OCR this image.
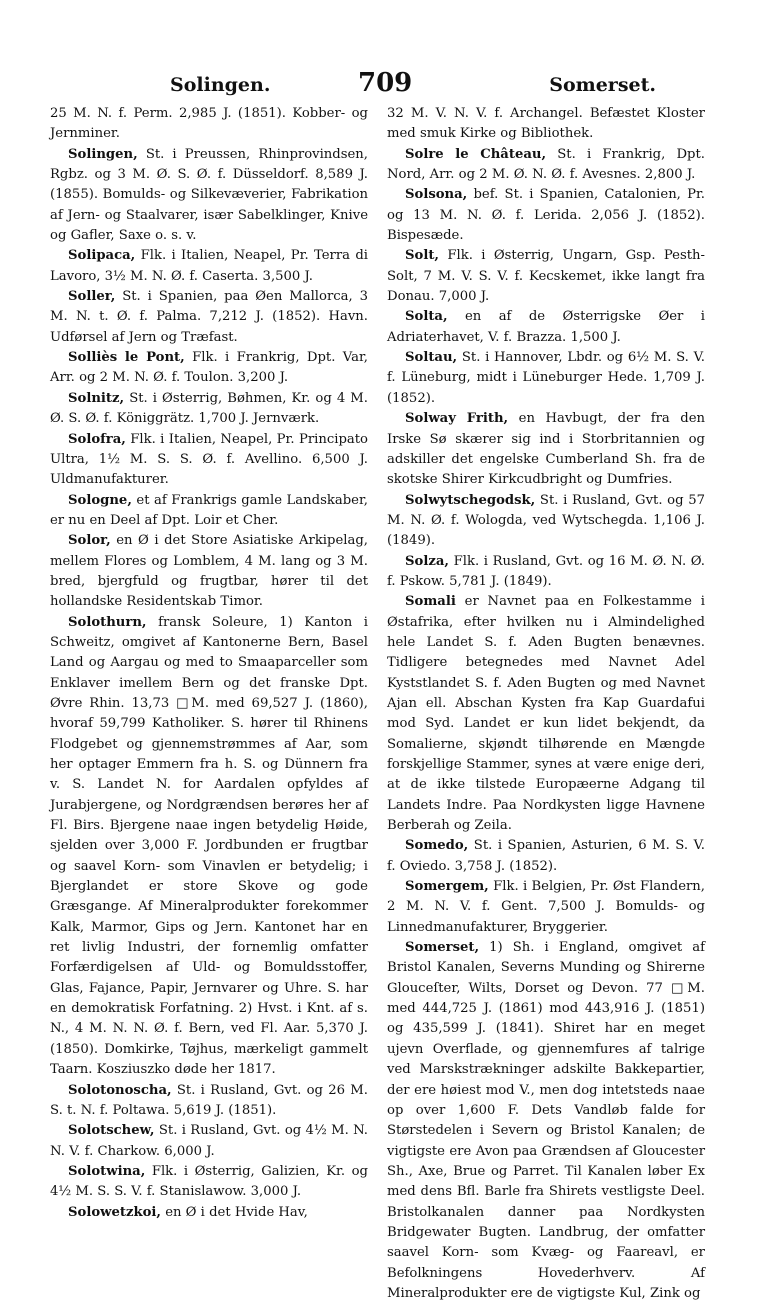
Solingen.	709	Somerset.

25 M. N. f. Perm. 2,985 J. (1851). Kobber- og Jernminer.

Solingen, St. i Preussen, Rhinprovindsen, Rgbz. og 3 M. Ø. S. Ø. f. Düsseldorf. 8,589 J. (1855). Bomulds- og Silkevæverier, Fabrikation af Jern- og Staalvarer, især Sabelklinger, Knive og Gafler, Saxe o. s. v.

Solipaca, Flk. i Italien, Neapel, Pr. Terra di Lavoro, 3½ M. N. Ø. f. Caserta. 3,500 J.

Soller, St. i Spanien, paa Øen Mallorca, 3 M. N. t. Ø. f. Palma. 7,212 J. (1852). Havn. Udførsel af Jern og Træfast.

Solliès le Pont, Flk. i Frankrig, Dpt. Var, Arr. og 2 M. N. Ø. f. Toulon. 3,200 J.

Solnitz, St. i Østerrig, Bøhmen, Kr. og 4 M. Ø. S. Ø. f. Königgrätz. 1,700 J. Jernværk.

Solofra, Flk. i Italien, Neapel, Pr. Principato Ultra, 1½ M. S. S. Ø. f. Avellino. 6,500 J. Uldmanufakturer.

Sologne, et af Frankrigs gamle Landskaber, er nu en Deel af Dpt. Loir et Cher.

Solor, en Ø i det Store Asiatiske Arkipelag, mellem Flores og Lomblem, 4 M. lang og 3 M. bred, bjergfuld og frugtbar, hører til det hollandske Residentskab Timor.

Solothurn, fransk Soleure, 1) Kanton i Schweitz, omgivet af Kantonerne Bern, Basel Land og Aargau og med to Smaaparceller som Enklaver imellem Bern og det franske Dpt. Øvre Rhin. 13,73 □M. med 69,527 J. (1860), hvoraf 59,799 Katholiker. S. hører til Rhinens Flodgebet og gjennemstrømmes af Aar, som her optager Emmern fra h. S. og Dünnern fra v. S. Landet N. for Aardalen opfyldes af Jurabjergene, og Nordgrændsen berøres her af Fl. Birs. Bjergene naae ingen betydelig Høide, sjelden over 3,000 F. Jordbunden er frugtbar og saavel Korn- som Vinavlen er betydelig; i Bjerglandet er store Skove og gode Græsgange. Af Mineralprodukter forekommer Kalk, Marmor, Gips og Jern. Kantonet har en ret livlig Industri, der fornemlig omfatter Forfærdigelsen af Uld- og Bomuldsstoffer, Glas, Fajance, Papir, Jernvarer og Uhre. S. har en demokratisk Forfatning. 2) Hvst. i Knt. af s. N., 4 M. N. N. Ø. f. Bern, ved Fl. Aar. 5,370 J. (1850). Domkirke, Tøjhus, mærkeligt gammelt Taarn. Kosziuszko døde her 1817.

Solotonoscha, St. i Rusland, Gvt. og 26 M. S. t. N. f. Poltawa. 5,619 J. (1851).

Solotschew, St. i Rusland, Gvt. og 4½ M. N. N. V. f. Charkow. 6,000 J.

Solotwina, Flk. i Østerrig, Galizien, Kr. og 4½ M. S. S. V. f. Stanislawow. 3,000 J.

Solowetzkoi, en Ø i det Hvide Hav,

32 M. V. N. V. f. Archangel. Befæstet Kloster med smuk Kirke og Bibliothek.

Solre le Château, St. i Frankrig, Dpt. Nord, Arr. og 2 M. Ø. N. Ø. f. Avesnes. 2,800 J.

Solsona, bef. St. i Spanien, Catalonien, Pr. og 13 M. N. Ø. f. Lerida. 2,056 J. (1852). Bispesæde.

Solt, Flk. i Østerrig, Ungarn, Gsp. Pesth-Solt, 7 M. V. S. V. f. Kecskemet, ikke langt fra Donau. 7,000 J.

Solta, en af de Østerrigske Øer i Adriaterhavet, V. f. Brazza. 1,500 J.

Soltau, St. i Hannover, Lbdr. og 6½ M. S. V. f. Lüneburg, midt i Lüneburger Hede. 1,709 J. (1852).

Solway Frith, en Havbugt, der fra den Irske Sø skærer sig ind i Storbritannien og adskiller det engelske Cumberland Sh. fra de skotske Shirer Kirkcudbright og Dumfries.

Solwytschegodsk, St. i Rusland, Gvt. og 57 M. N. Ø. f. Wologda, ved Wytschegda. 1,106 J. (1849).

Solza, Flk. i Rusland, Gvt. og 16 M. Ø. N. Ø. f. Pskow. 5,781 J. (1849).

Somali er Navnet paa en Folkestamme i Østafrika, efter hvilken nu i Almindelighed hele Landet S. f. Aden Bugten benævnes. Tidligere betegnedes med Navnet Adel Kyststlandet S. f. Aden Bugten og med Navnet Ajan ell. Abschan Kysten fra Kap Guardafui mod Syd. Landet er kun lidet bekjendt, da Somalierne, skjøndt tilhørende en Mængde forskjellige Stammer, synes at være enige deri, at de ikke tilstede Europæerne Adgang til Landets Indre. Paa Nordkysten ligge Havnene Berberah og Zeila.

Somedo, St. i Spanien, Asturien, 6 M. S. V. f. Oviedo. 3,758 J. (1852).

Somergem, Flk. i Belgien, Pr. Øst Flandern, 2 M. N. V. f. Gent. 7,500 J. Bomulds- og Linnedmanufakturer, Bryggerier.

Somerset, 1) Sh. i England, omgivet af Bristol Kanalen, Severns Munding og Shirerne Glouceſter, Wilts, Dorset og Devon. 77 □M. med 444,725 J. (1861) mod 443,916 J. (1851) og 435,599 J. (1841). Shiret har en meget ujevn Overflade, og gjennemfures af talrige ved Marskstrækninger adskilte Bakkepartier, der ere høiest mod V., men dog intetsteds naae op over 1,600 F. Dets Vandløb falde for Størstedelen i Severn og Bristol Kanalen; de vigtigste ere Avon paa Grændsen af Gloucester Sh., Axe, Brue og Parret. Til Kanalen løber Ex med dens Bfl. Barle fra Shirets vestligste Deel. Bristolkanalen danner paa Nordkysten Bridgewater Bugten. Landbrug, der omfatter saavel Korn- som Kvæg- og Faareavl, er Befolkningens Hovederhverv. Af Mineralprodukter ere de vigtigste Kul, Zink og
